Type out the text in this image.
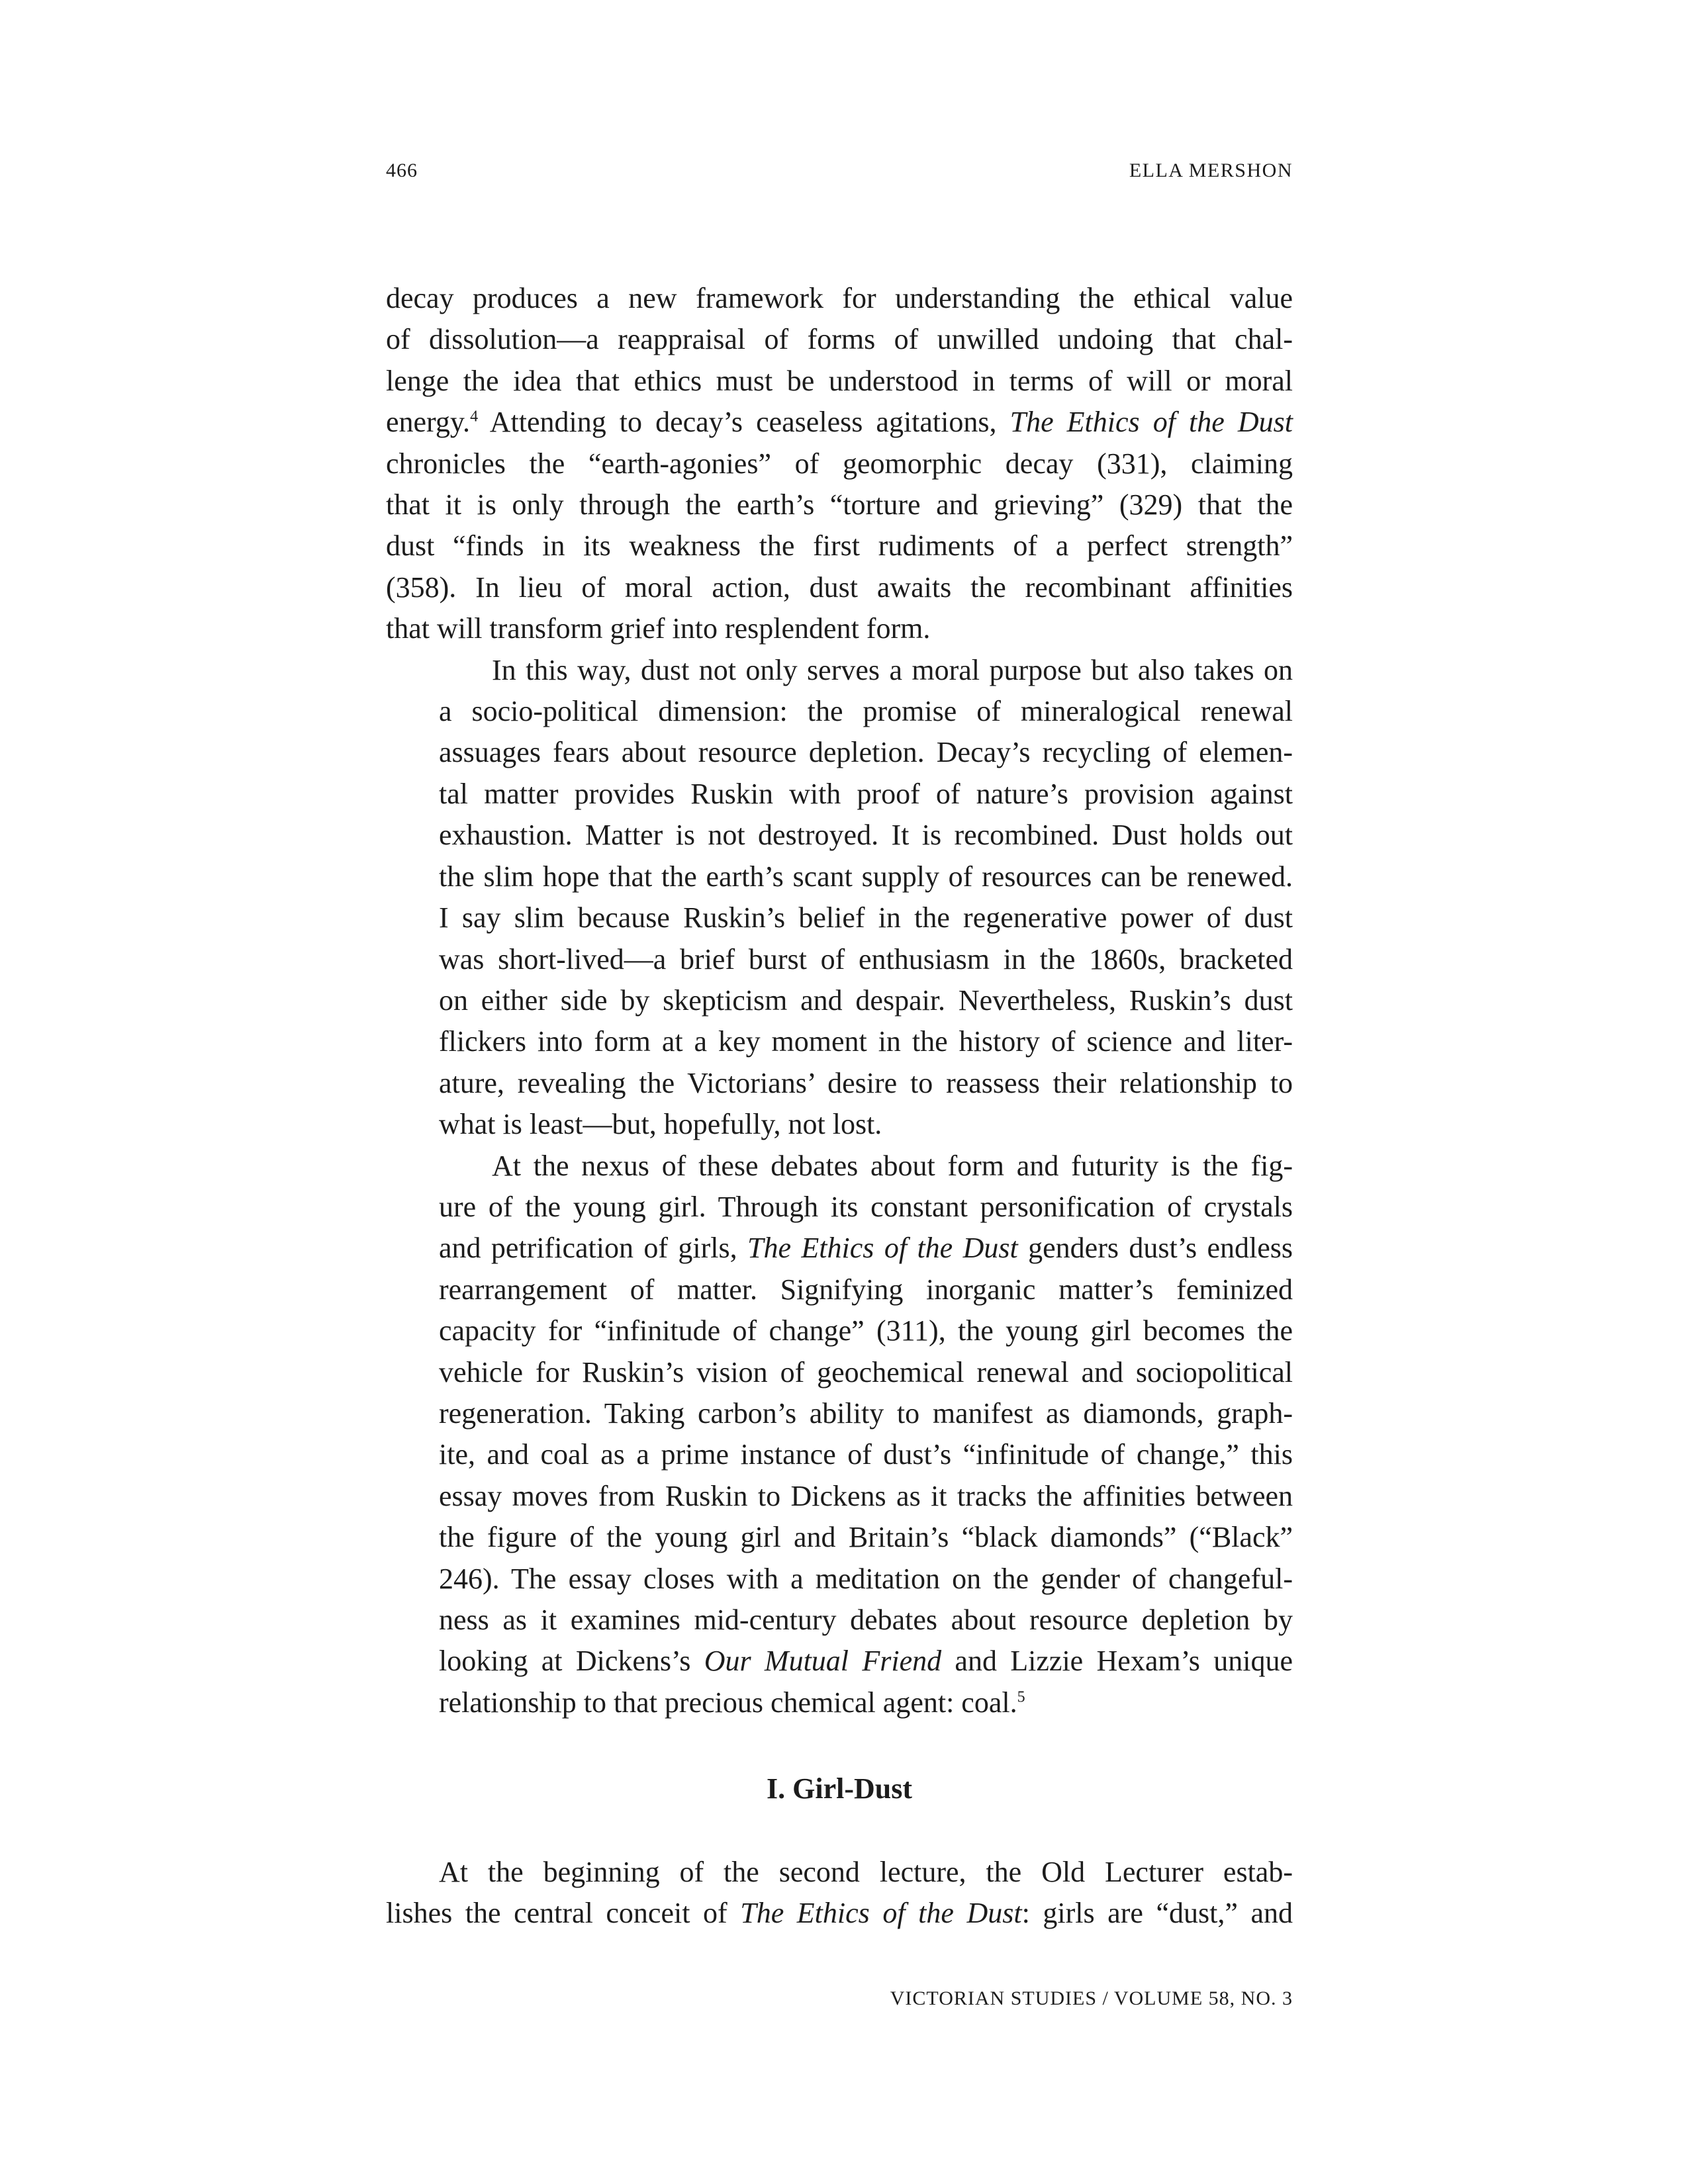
466	ELLA MERSHON
decay produces a new framework for understanding the ethical value
of dissolution—a reappraisal of forms of unwilled undoing that chal-
lenge the idea that ethics must be understood in terms of will or moral
energy.$^4$ Attending to decay’s ceaseless agitations, The Ethics of the Dust
chronicles the “earth-agonies” of geomorphic decay (331), claiming
that it is only through the earth’s “torture and grieving” (329) that the
dust “finds in its weakness the first rudiments of a perfect strength”
(358). In lieu of moral action, dust awaits the recombinant affinities
that will transform grief into resplendent form.
In this way, dust not only serves a moral purpose but also takes on
a socio-political dimension: the promise of mineralogical renewal
assuages fears about resource depletion. Decay’s recycling of elemen-
tal matter provides Ruskin with proof of nature’s provision against
exhaustion. Matter is not destroyed. It is recombined. Dust holds out
the slim hope that the earth’s scant supply of resources can be renewed.
I say slim because Ruskin’s belief in the regenerative power of dust
was short-lived—a brief burst of enthusiasm in the 1860s, bracketed
on either side by skepticism and despair. Nevertheless, Ruskin’s dust
flickers into form at a key moment in the history of science and liter-
ature, revealing the Victorians’ desire to reassess their relationship to
what is least—but, hopefully, not lost.
At the nexus of these debates about form and futurity is the fig-
ure of the young girl. Through its constant personification of crystals
and petrification of girls, The Ethics of the Dust genders dust’s endless
rearrangement of matter. Signifying inorganic matter’s feminized
capacity for “infinitude of change” (311), the young girl becomes the
vehicle for Ruskin’s vision of geochemical renewal and sociopolitical
regeneration. Taking carbon’s ability to manifest as diamonds, graph-
ite, and coal as a prime instance of dust’s “infinitude of change,” this
essay moves from Ruskin to Dickens as it tracks the affinities between
the figure of the young girl and Britain’s “black diamonds” (“Black”
246). The essay closes with a meditation on the gender of changeful-
ness as it examines mid-century debates about resource depletion by
looking at Dickens’s Our Mutual Friend and Lizzie Hexam’s unique
relationship to that precious chemical agent: coal.$^5$
I. Girl-Dust
At the beginning of the second lecture, the Old Lecturer estab-
lishes the central conceit of The Ethics of the Dust: girls are “dust,” and
VICTORIAN STUDIES / VOLUME 58, NO. 3
